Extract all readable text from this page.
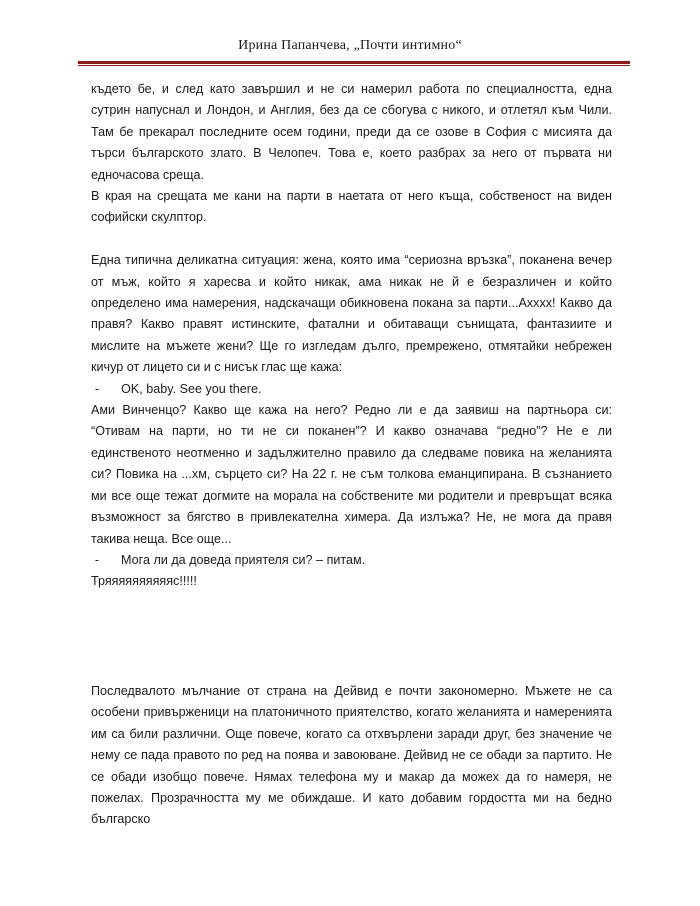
Ирина Папанчева, „Почти интимно“

където бе, и след като завършил и не си намерил работа по специалността, една сутрин напуснал и Лондон, и Англия, без да се сбогува с никого, и отлетял към Чили. Там бе прекарал последните осем години, преди да се озове в София с мисията да търси българското злато. В Челопеч. Това е, което разбрах за него от първата ни едночасова среща.

В края на срещата ме кани на парти в наетата от него къща, собственост на виден софийски скулптор.

Една типична деликатна ситуация: жена, която има “сериозна връзка”, поканена вечер от мъж, който я харесва и който никак, ама никак не й е безразличен и който определено има намерения, надскачащи обикновена покана за парти...Ахххх! Какво да правя? Какво правят истинските, фатални и обитаващи сънищата, фантазиите и мислите на мъжете жени? Ще го изгледам дълго, премрежено, отмятайки небрежен кичур от лицето си и с нисък глас ще кажа:

-	OK, baby. See you there.

Ами Винченцо? Какво ще кажа на него? Редно ли е да заявиш на партньора си: “Отивам на парти, но ти не си поканен”? И какво означава “редно”? Не е ли единственото неотменно и задължително правило да следваме повика на желанията си? Повика на ...хм, сърцето си? На 22 г. не съм толкова еманципирана. В съзнанието ми все още тежат догмите на морала на собствените ми родители и превръщат всяка възможност за бягство в привлекателна химера. Да излъжа? Не, не мога да правя такива неща. Все още...

-	Мога ли да доведа приятеля си? – питам.

Тряяяяяяяяяяс!!!!!

Последвалото мълчание от страна на Дейвид е почти закономерно. Мъжете не са особени привърженици на платоничното приятелство, когато желанията и намеренията им са били различни. Още повече, когато са отхвърлени заради друг, без значение че нему се пада правото по ред на поява и завоюване. Дейвид не се обади за партито. Не се обади изобщо повече. Нямах телефона му и макар да можех да го намеря, не пожелах. Прозрачността му ме обиждаше. И като добавим гордостта ми на бедно българско
